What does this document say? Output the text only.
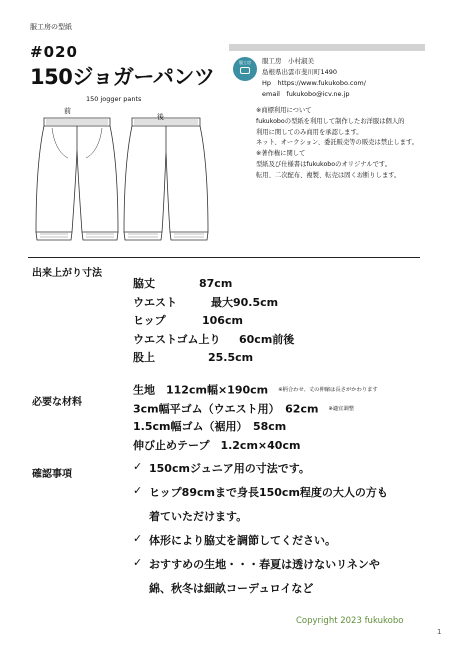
服工房の型紙
#020
150ジョガーパンツ
150 jogger pants
前
後
服工房	服工房　小村淑美
島根県出雲市斐川町1490
Hp　https://www.fukukobo.com/
email　fukukobo@icv.ne.jp
※商標利用について
fukukoboの型紙を利用して制作したお洋服は個人的
利用に関してのみ商用を承認します。
ネット、オークション、委託販売等の販売は禁止します。
※著作権に関して
型紙及び仕様書はfukukoboのオリジナルです。
転用、二次配布、複製、転売は固くお断りします。
出来上がり寸法
必要な材料
確認事項
脇丈	87cm
ウエスト	最大90.5cm
ヒップ	106cm
ウエストゴム上り 60cm前後
股上	25.5cm
生地　112cm幅×190cm ※柄合わせ、丈の伸縮は長さがかわります
3cm幅平ゴム（ウエスト用）　62cm ※適宜調整
1.5cm幅ゴム（裾用）　58cm
伸び止めテープ　1.2cm×40cm
✓ 150cmジュニア用の寸法です。
✓ ヒップ89cmまで身長150cm程度の大人の方も
着ていただけます。
✓ 体形により脇丈を調節してください。
✓ おすすめの生地・・・春夏は透けないリネンや
綿、秋冬は細畝コーデュロイなど
Copyright 2023 fukukobo
1
